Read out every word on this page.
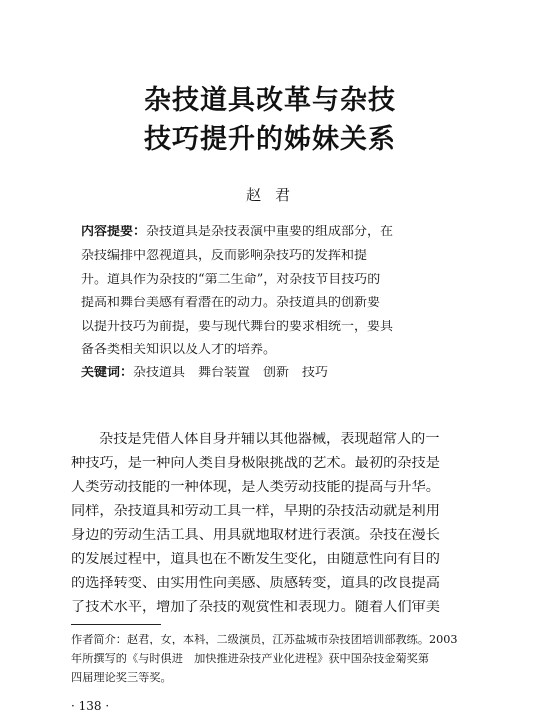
杂技道具改革与杂技
技巧提升的姊妹关系
赵君
内容提要：杂技道具是杂技表演中重要的组成部分，在
杂技编排中忽视道具，反而影响杂技巧的发挥和提
升。道具作为杂技的“第二生命”，对杂技节目技巧的
提高和舞台美感有着潜在的动力。杂技道具的创新要
以提升技巧为前提，要与现代舞台的要求相统一，要具
备各类相关知识以及人才的培养。
关键词：杂技道具　舞台装置　创新　技巧
杂技是凭借人体自身并辅以其他器械，表现超常人的一
种技巧，是一种向人类自身极限挑战的艺术。最初的杂技是
人类劳动技能的一种体现，是人类劳动技能的提高与升华。
同样，杂技道具和劳动工具一样，早期的杂技活动就是利用
身边的劳动生活工具、用具就地取材进行表演。杂技在漫长
的发展过程中，道具也在不断发生变化，由随意性向有目的
的选择转变、由实用性向美感、质感转变，道具的改良提高
了技术水平，增加了杂技的观赏性和表现力。随着人们审美
作者简介：赵君，女，本科，二级演员，江苏盐城市杂技团培训部教练。2003
年所撰写的《与时俱进　加快推进杂技产业化进程》获中国杂技金菊奖第
四届理论奖三等奖。
· 138 ·
